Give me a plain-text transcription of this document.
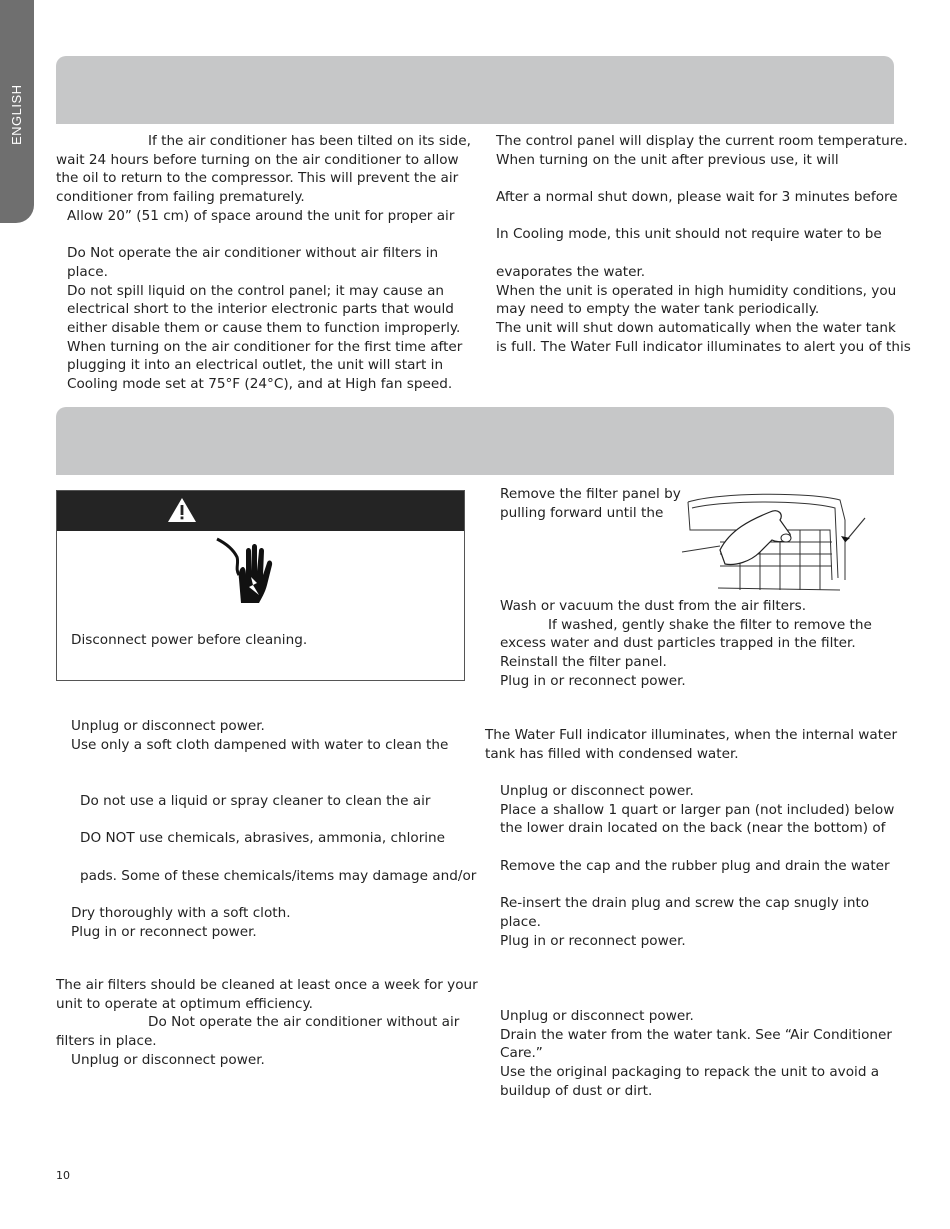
ENGLISH	If the air conditioner has been tilted on its side,
wait 24 hours before turning on the air conditioner to allow
the oil to return to the compressor. This will prevent the air
conditioner from failing prematurely.
Allow 20” (51 cm) of space around the unit for proper air
Do Not operate the air conditioner without air filters in
place.
Do not spill liquid on the control panel; it may cause an
electrical short to the interior electronic parts that would
either disable them or cause them to function improperly.
When turning on the air conditioner for the first time after
plugging it into an electrical outlet, the unit will start in
Cooling mode set at 75°F (24°C), and at High fan speed.
The control panel will display the current room temperature.
When turning on the unit after previous use, it will
After a normal shut down, please wait for 3 minutes before
In Cooling mode, this unit should not require water to be
evaporates the water.
When the unit is operated in high humidity conditions, you
may need to empty the water tank periodically.
The unit will shut down automatically when the water tank
is full. The Water Full indicator illuminates to alert you of this
Disconnect power before cleaning.
Remove the filter panel by
pulling forward until the
Wash or vacuum the dust from the air filters.
If washed, gently shake the filter to remove the
excess water and dust particles trapped in the filter.
Reinstall the filter panel.
Plug in or reconnect power.
Unplug or disconnect power.
Use only a soft cloth dampened with water to clean the
Do not use a liquid or spray cleaner to clean the air
DO NOT use chemicals, abrasives, ammonia, chlorine
pads. Some of these chemicals/items may damage and/or
Dry thoroughly with a soft cloth.
Plug in or reconnect power.
The air filters should be cleaned at least once a week for your
unit to operate at optimum efficiency.
Do Not operate the air conditioner without air
filters in place.
Unplug or disconnect power.
The Water Full indicator illuminates, when the internal water
tank has filled with condensed water.
Unplug or disconnect power.
Place a shallow 1 quart or larger pan (not included) below
the lower drain located on the back (near the bottom) of
Remove the cap and the rubber plug and drain the water
Re-insert the drain plug and screw the cap snugly into
place.
Plug in or reconnect power.
Unplug or disconnect power.
Drain the water from the water tank. See “Air Conditioner
Care.”
Use the original packaging to repack the unit to avoid a
buildup of dust or dirt.
10
